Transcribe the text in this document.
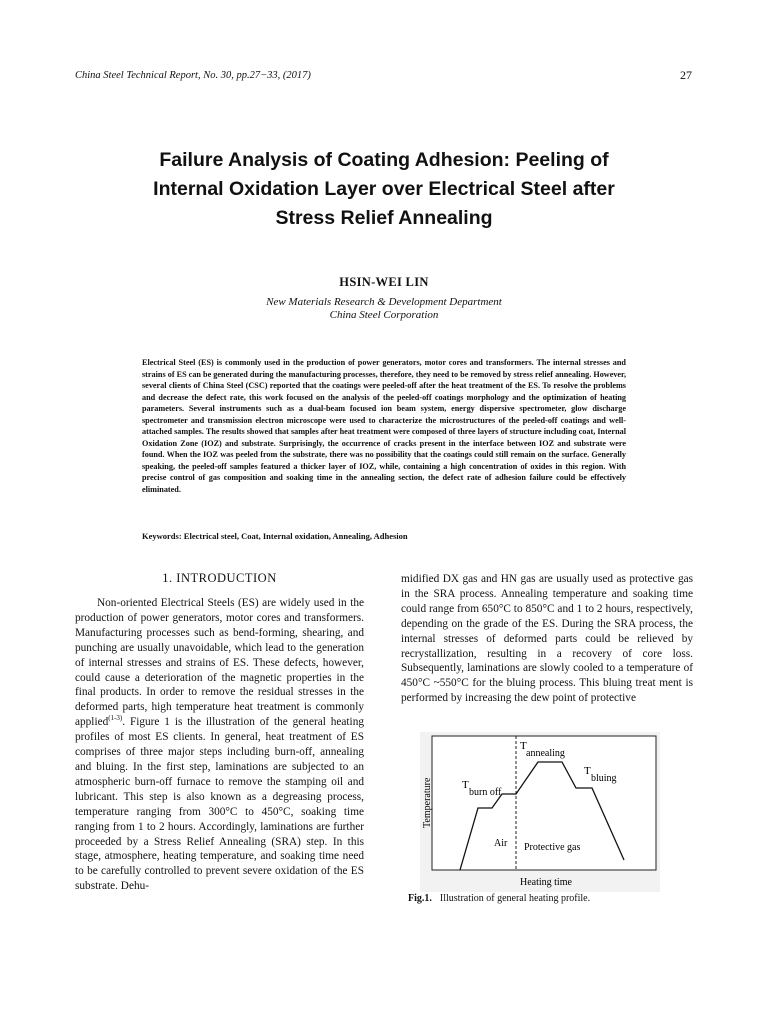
China Steel Technical Report, No. 30, pp.27−33, (2017)	27
Failure Analysis of Coating Adhesion: Peeling of
Internal Oxidation Layer over Electrical Steel after
Stress Relief Annealing
HSIN-WEI LIN
New Materials Research & Development Department
China Steel Corporation
Electrical Steel (ES) is commonly used in the production of power generators, motor cores and transformers. The internal stresses and strains of ES can be generated during the manufacturing processes, therefore, they need to be removed by stress relief annealing. However, several clients of China Steel (CSC) reported that the coatings were peeled-off after the heat treatment of the ES. To resolve the problems and decrease the defect rate, this work focused on the analysis of the peeled-off coatings morphology and the optimization of heating parameters. Several instruments such as a dual-beam focused ion beam system, energy dispersive spectrometer, glow discharge spectrometer and transmission electron microscope were used to characterize the microstructures of the peeled-off coatings and well-attached samples. The results showed that samples after heat treatment were composed of three layers of structure including coat, Internal Oxidation Zone (IOZ) and substrate. Surprisingly, the occurrence of cracks present in the interface between IOZ and substrate were found. When the IOZ was peeled from the substrate, there was no possibility that the coatings could still remain on the surface. Generally speaking, the peeled-off samples featured a thicker layer of IOZ, while, containing a high concentration of oxides in this region. With precise control of gas composition and soaking time in the annealing section, the defect rate of adhesion failure could be effectively eliminated.
Keywords: Electrical steel, Coat, Internal oxidation, Annealing, Adhesion
1. INTRODUCTION

Non-oriented Electrical Steels (ES) are widely used in the production of power generators, motor cores and transformers. Manufacturing processes such as bend-forming, shearing, and punching are usually unavoidable, which lead to the generation of internal stresses and strains of ES. These defects, however, could cause a deterioration of the magnetic properties in the final products. In order to remove the residual stresses in the deformed parts, high temperature heat treatment is commonly applied$^{(1-3)}$. Figure 1 is the illustration of the general heating profiles of most ES clients. In general, heat treatment of ES comprises of three major steps including burn-off, annealing and bluing. In the first step, laminations are subjected to an atmospheric burn-off furnace to remove the stamping oil and lubricant. This step is also known as a degreasing process, temperature ranging from 300°C to 450°C, soaking time ranging from 1 to 2 hours. Accordingly, laminations are further proceeded by a Stress Relief Annealing (SRA) step. In this stage, atmosphere, heating temperature, and soaking time need to be carefully controlled to prevent severe oxidation of the ES substrate. Dehu-

midified DX gas and HN gas are usually used as protective gas in the SRA process. Annealing temperature and soaking time could range from 650°C to 850°C and 1 to 2 hours, respectively, depending on the grade of the ES. During the SRA process, the internal stresses of deformed parts could be relieved by recrystallization, resulting in a recovery of core loss. Subsequently, laminations are slowly cooled to a temperature of 450°C ~550°C for the bluing process. This bluing treat ment is performed by increasing the dew point of protective

T
annealing
T
bluing
T
burn off
Air Protective gas
Heating time
Temperature
Fig.1. Illustration of general heating profile.
